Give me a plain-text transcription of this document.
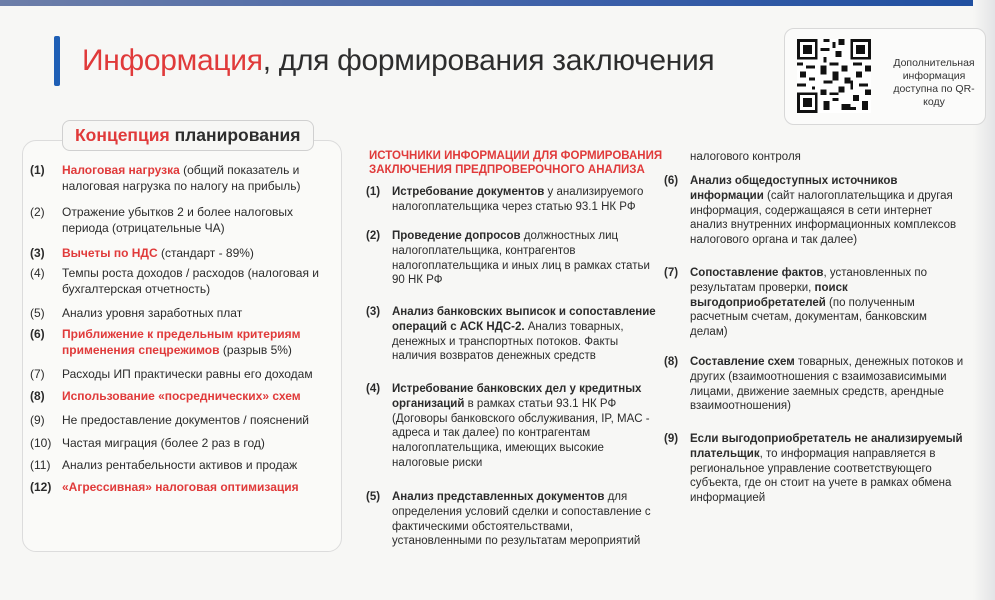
Информация, для формирования заключения	Дополнительная информация доступна по QR-коду
Концепция планирования
(1)	Налоговая нагрузка (общий показатель и налоговая нагрузка по налогу на прибыль)
(2)	Отражение убытков 2 и более налоговых периода (отрицательные ЧА)
(3)	Вычеты по НДС (стандарт - 89%)
(4)	Темпы роста доходов / расходов (налоговая и бухгалтерская отчетность)
(5)	Анализ уровня заработных плат
(6)	Приближение к предельным критериям применения спецрежимов (разрыв 5%)
(7)	Расходы ИП практически равны его доходам
(8)	Использование «посреднических» схем
(9)	Не предоставление документов / пояснений
(10) Частая миграция (более 2 раз в год)
(11) Анализ рентабельности активов и продаж
(12) «Агрессивная» налоговая оптимизация
ИСТОЧНИКИ ИНФОРМАЦИИ ДЛЯ ФОРМИРОВАНИЯ ЗАКЛЮЧЕНИЯ ПРЕДПРОВЕРОЧНОГО АНАЛИЗА
(1)	Истребование документов у анализируемого налогоплательщика через статью 93.1 НК РФ
(2)	Проведение допросов должностных лиц налогоплательщика, контрагентов налогоплательщика и иных лиц в рамках статьи 90 НК РФ
(3)	Анализ банковских выписок и сопоставление операций с АСК НДС-2. Анализ товарных, денежных и транспортных потоков. Факты наличия возвратов денежных средств
(4)	Истребование банковских дел у кредитных организаций в рамках статьи 93.1 НК РФ (Договоры банковского обслуживания, IP, MAC - адреса и так далее) по контрагентам налогоплательщика, имеющих высокие налоговые риски
(5)	Анализ представленных документов для определения условий сделки и сопоставление с фактическими обстоятельствами, установленными по результатам мероприятий
налогового контроля
(6)	Анализ общедоступных источников информации (сайт налогоплательщика и другая информация, содержащаяся в сети интернет анализ внутренних информационных комплексов налогового органа и так далее)
(7)	Сопоставление фактов, установленных по результатам проверки, поиск выгодоприобретателей (по полученным расчетным счетам, документам, банковским делам)
(8)	Составление схем товарных, денежных потоков и других (взаимоотношения с взаимозависимыми лицами, движение заемных средств, арендные взаимоотношения)
(9)	Если выгодоприобретатель не анализируемый плательщик, то информация направляется в региональное управление соответствующего субъекта, где он стоит на учете в рамках обмена информацией
